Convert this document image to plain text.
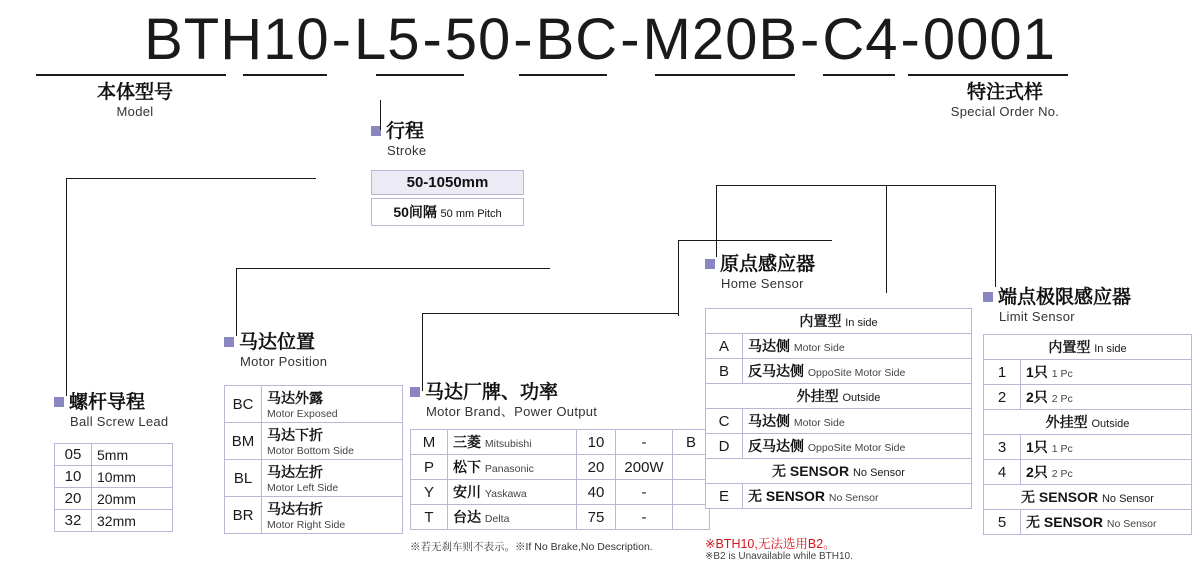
BTH10-L5-50-BC-M20B-C4-0001
本体型号
Model
特注式样
Special Order No.
行程
Stroke
50-1050mm
50间隔 50 mm Pitch
螺杆导程
Ball Screw Lead
05	5mm
10	10mm
20	20mm
32	32mm
马达位置
Motor Position
BC	马达外露
Motor Exposed

BM	马达下折
Motor Bottom Side

BL	马达左折
Motor Left Side

BR	马达右折
Motor Right Side
马达厂牌、功率
Motor Brand、Power Output
M	三菱 Mitsubishi	10	-	B
P	松下 Panasonic	20	200W	
Y	安川 Yaskawa	40	-	
T	台达 Delta	75	-	
※若无刹车则不表示。※If No Brake,No Description.
原点感应器
Home Sensor
内置型 In side	
A	马达侧 Motor Side
B	反马达侧 OppoSite Motor Side
外挂型 Outside	
C	马达侧 Motor Side
D	反马达侧 OppoSite Motor Side
无 SENSOR No Sensor	
E	无 SENSOR No Sensor
※BTH10,无法选用B2。
※B2 is Unavailable while BTH10.
端点极限感应器
Limit Sensor
内置型 In side	
1	1只 1 Pc
2	2只 2 Pc
外挂型 Outside	
3	1只 1 Pc
4	2只 2 Pc
无 SENSOR No Sensor	
5	无 SENSOR No Sensor
